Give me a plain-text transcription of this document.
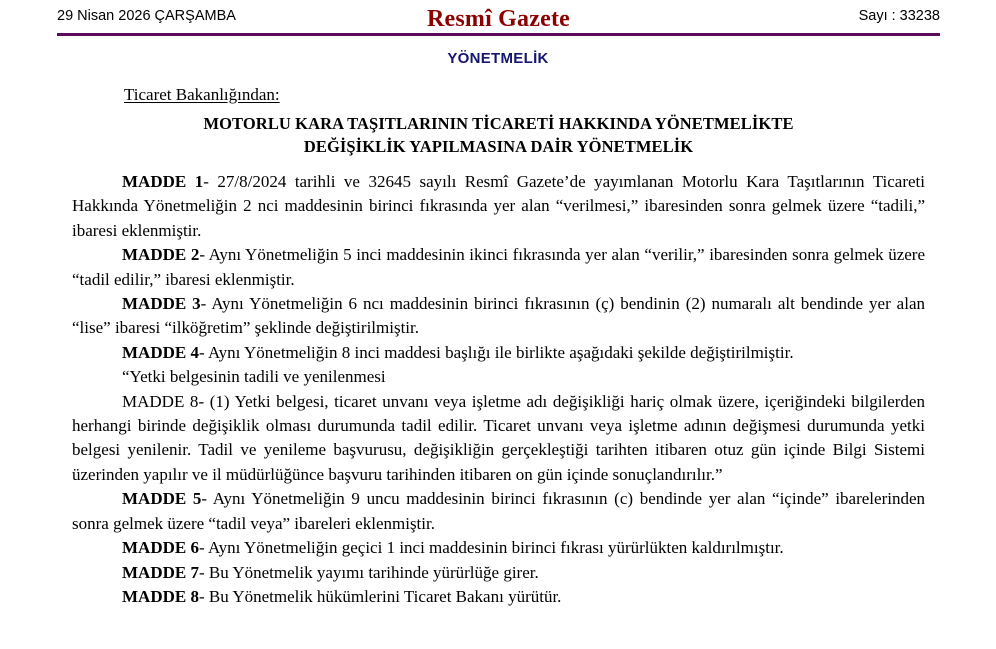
29 Nisan 2026 ÇARŞAMBA	Sayı : 33238
Resmî Gazete
YÖNETMELİK
Ticaret Bakanlığından:
MOTORLU KARA TAŞITLARININ TİCARETİ HAKKINDA YÖNETMELİKTE
DEĞİŞİKLİK YAPILMASINA DAİR YÖNETMELİK

MADDE 1- 27/8/2024 tarihli ve 32645 sayılı Resmî Gazete’de yayımlanan Motorlu Kara Taşıtlarının Ticareti Hakkında Yönetmeliğin 2 nci maddesinin birinci fıkrasında yer alan “verilmesi,” ibaresinden sonra gelmek üzere “tadili,” ibaresi eklenmiştir.

MADDE 2- Aynı Yönetmeliğin 5 inci maddesinin ikinci fıkrasında yer alan “verilir,” ibaresinden sonra gelmek üzere “tadil edilir,” ibaresi eklenmiştir.

MADDE 3- Aynı Yönetmeliğin 6 ncı maddesinin birinci fıkrasının (ç) bendinin (2) numaralı alt bendinde yer alan “lise” ibaresi “ilköğretim” şeklinde değiştirilmiştir.

MADDE 4- Aynı Yönetmeliğin 8 inci maddesi başlığı ile birlikte aşağıdaki şekilde değiştirilmiştir.

“Yetki belgesinin tadili ve yenilenmesi

MADDE 8- (1) Yetki belgesi, ticaret unvanı veya işletme adı değişikliği hariç olmak üzere, içeriğindeki bilgilerden herhangi birinde değişiklik olması durumunda tadil edilir. Ticaret unvanı veya işletme adının değişmesi durumunda yetki belgesi yenilenir. Tadil ve yenileme başvurusu, değişikliğin gerçekleştiği tarihten itibaren otuz gün içinde Bilgi Sistemi üzerinden yapılır ve il müdürlüğünce başvuru tarihinden itibaren on gün içinde sonuçlandırılır.”

MADDE 5- Aynı Yönetmeliğin 9 uncu maddesinin birinci fıkrasının (c) bendinde yer alan “içinde” ibarelerinden sonra gelmek üzere “tadil veya” ibareleri eklenmiştir.

MADDE 6- Aynı Yönetmeliğin geçici 1 inci maddesinin birinci fıkrası yürürlükten kaldırılmıştır.

MADDE 7- Bu Yönetmelik yayımı tarihinde yürürlüğe girer.

MADDE 8- Bu Yönetmelik hükümlerini Ticaret Bakanı yürütür.
